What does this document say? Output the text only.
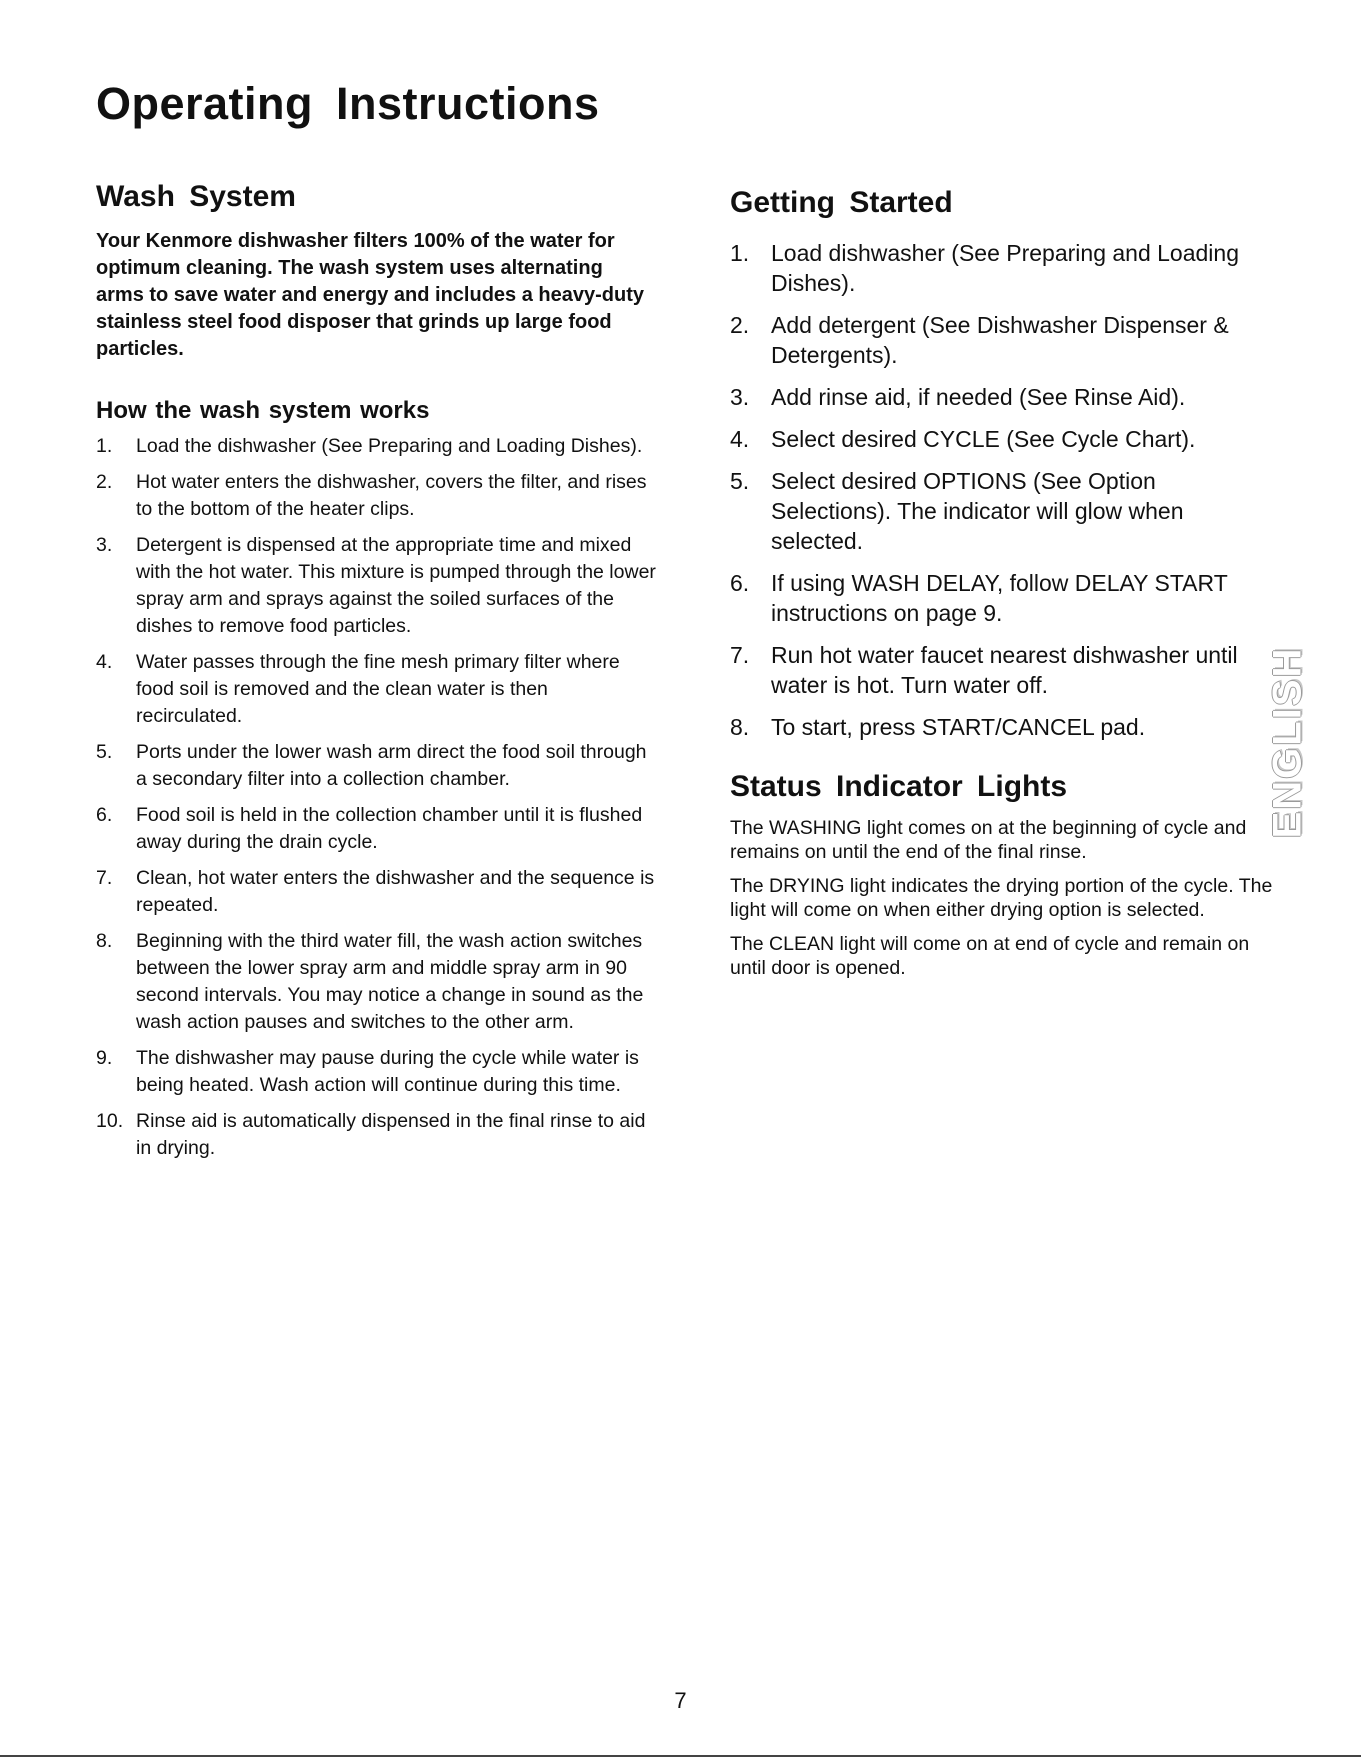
Operating Instructions
Wash System

Your Kenmore dishwasher filters 100% of the water for optimum cleaning. The wash system uses alternating arms to save water and energy and includes a heavy-duty stainless steel food disposer that grinds up large food particles.

How the wash system works
1.	Load the dishwasher (See Preparing and Loading Dishes).
2.	Hot water enters the dishwasher, covers the filter, and rises to the bottom of the heater clips.
3.	Detergent is dispensed at the appropriate time and mixed with the hot water. This mixture is pumped through the lower spray arm and sprays against the soiled surfaces of the dishes to remove food particles.
4.	Water passes through the fine mesh primary filter where food soil is removed and the clean water is then recirculated.
5.	Ports under the lower wash arm direct the food soil through a secondary filter into a collection chamber.
6.	Food soil is held in the collection chamber until it is flushed away during the drain cycle.
7.	Clean, hot water enters the dishwasher and the sequence is repeated.
8.	Beginning with the third water fill, the wash action switches between the lower spray arm and middle spray arm in 90 second intervals. You may notice a change in sound as the wash action pauses and switches to the other arm.
9.	The dishwasher may pause during the cycle while water is being heated. Wash action will continue during this time.
10. Rinse aid is automatically dispensed in the final rinse to aid in drying.
Getting Started
1. Load dishwasher (See Preparing and Loading Dishes).
2. Add detergent (See Dishwasher Dispenser & Detergents).
3. Add rinse aid, if needed (See Rinse Aid).
4. Select desired CYCLE (See Cycle Chart).
5. Select desired OPTIONS (See Option Selections). The indicator will glow when selected.
6. If using WASH DELAY, follow DELAY START instructions on page 9.
7. Run hot water faucet nearest dishwasher until water is hot. Turn water off.
8. To start, press START/CANCEL pad.
Status Indicator Lights

The WASHING light comes on at the beginning of cycle and remains on until the end of the final rinse.

The DRYING light indicates the drying portion of the cycle. The light will come on when either drying option is selected.

The CLEAN light will come on at end of cycle and remain on until door is opened.

ENGLISH
7
